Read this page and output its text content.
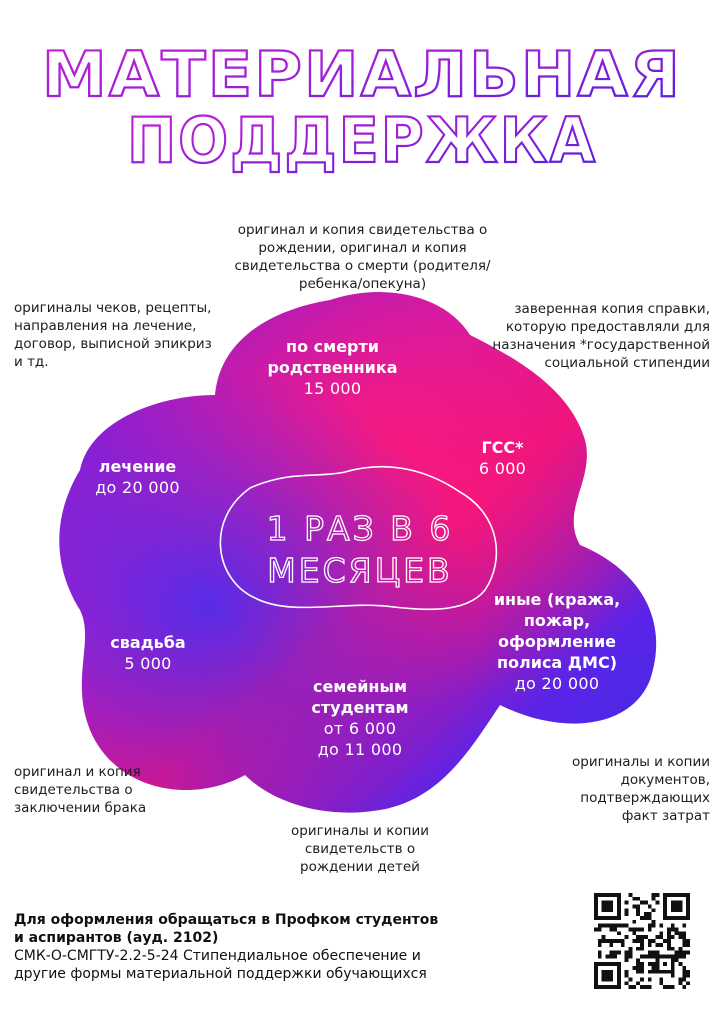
МАТЕРИАЛЬНАЯ
ПОДДЕРЖКА
1 РАЗ В 6
МЕСЯЦЕВ
по смерти родственника
15 000
ГСС*
6 000
лечение
до 20 000
свадьба
5 000
семейным студентам
от 6 000
до 11 000
иные (кража, пожар, оформление полиса ДМС)
до 20 000
оригинал и копия свидетельства о рождении, оригинал и копия свидетельства о смерти (родителя/ребенка/опекуна)
оригиналы чеков, рецепты, направления на лечение, договор, выписной эпикриз и тд.
заверенная копия справки, которую предоставляли для назначения *государственной социальной стипендии
оригинал и копия свидетельства о заключении брака
оригиналы и копии свидетельств о рождении детей
оригиналы и копии документов, подтверждающих факт затрат
Для оформления обращаться в Профком студентов
и аспирантов (ауд. 2102)
СМК-О-СМГТУ-2.2-5-24 Стипендиальное обеспечение и
другие формы материальной поддержки обучающихся
